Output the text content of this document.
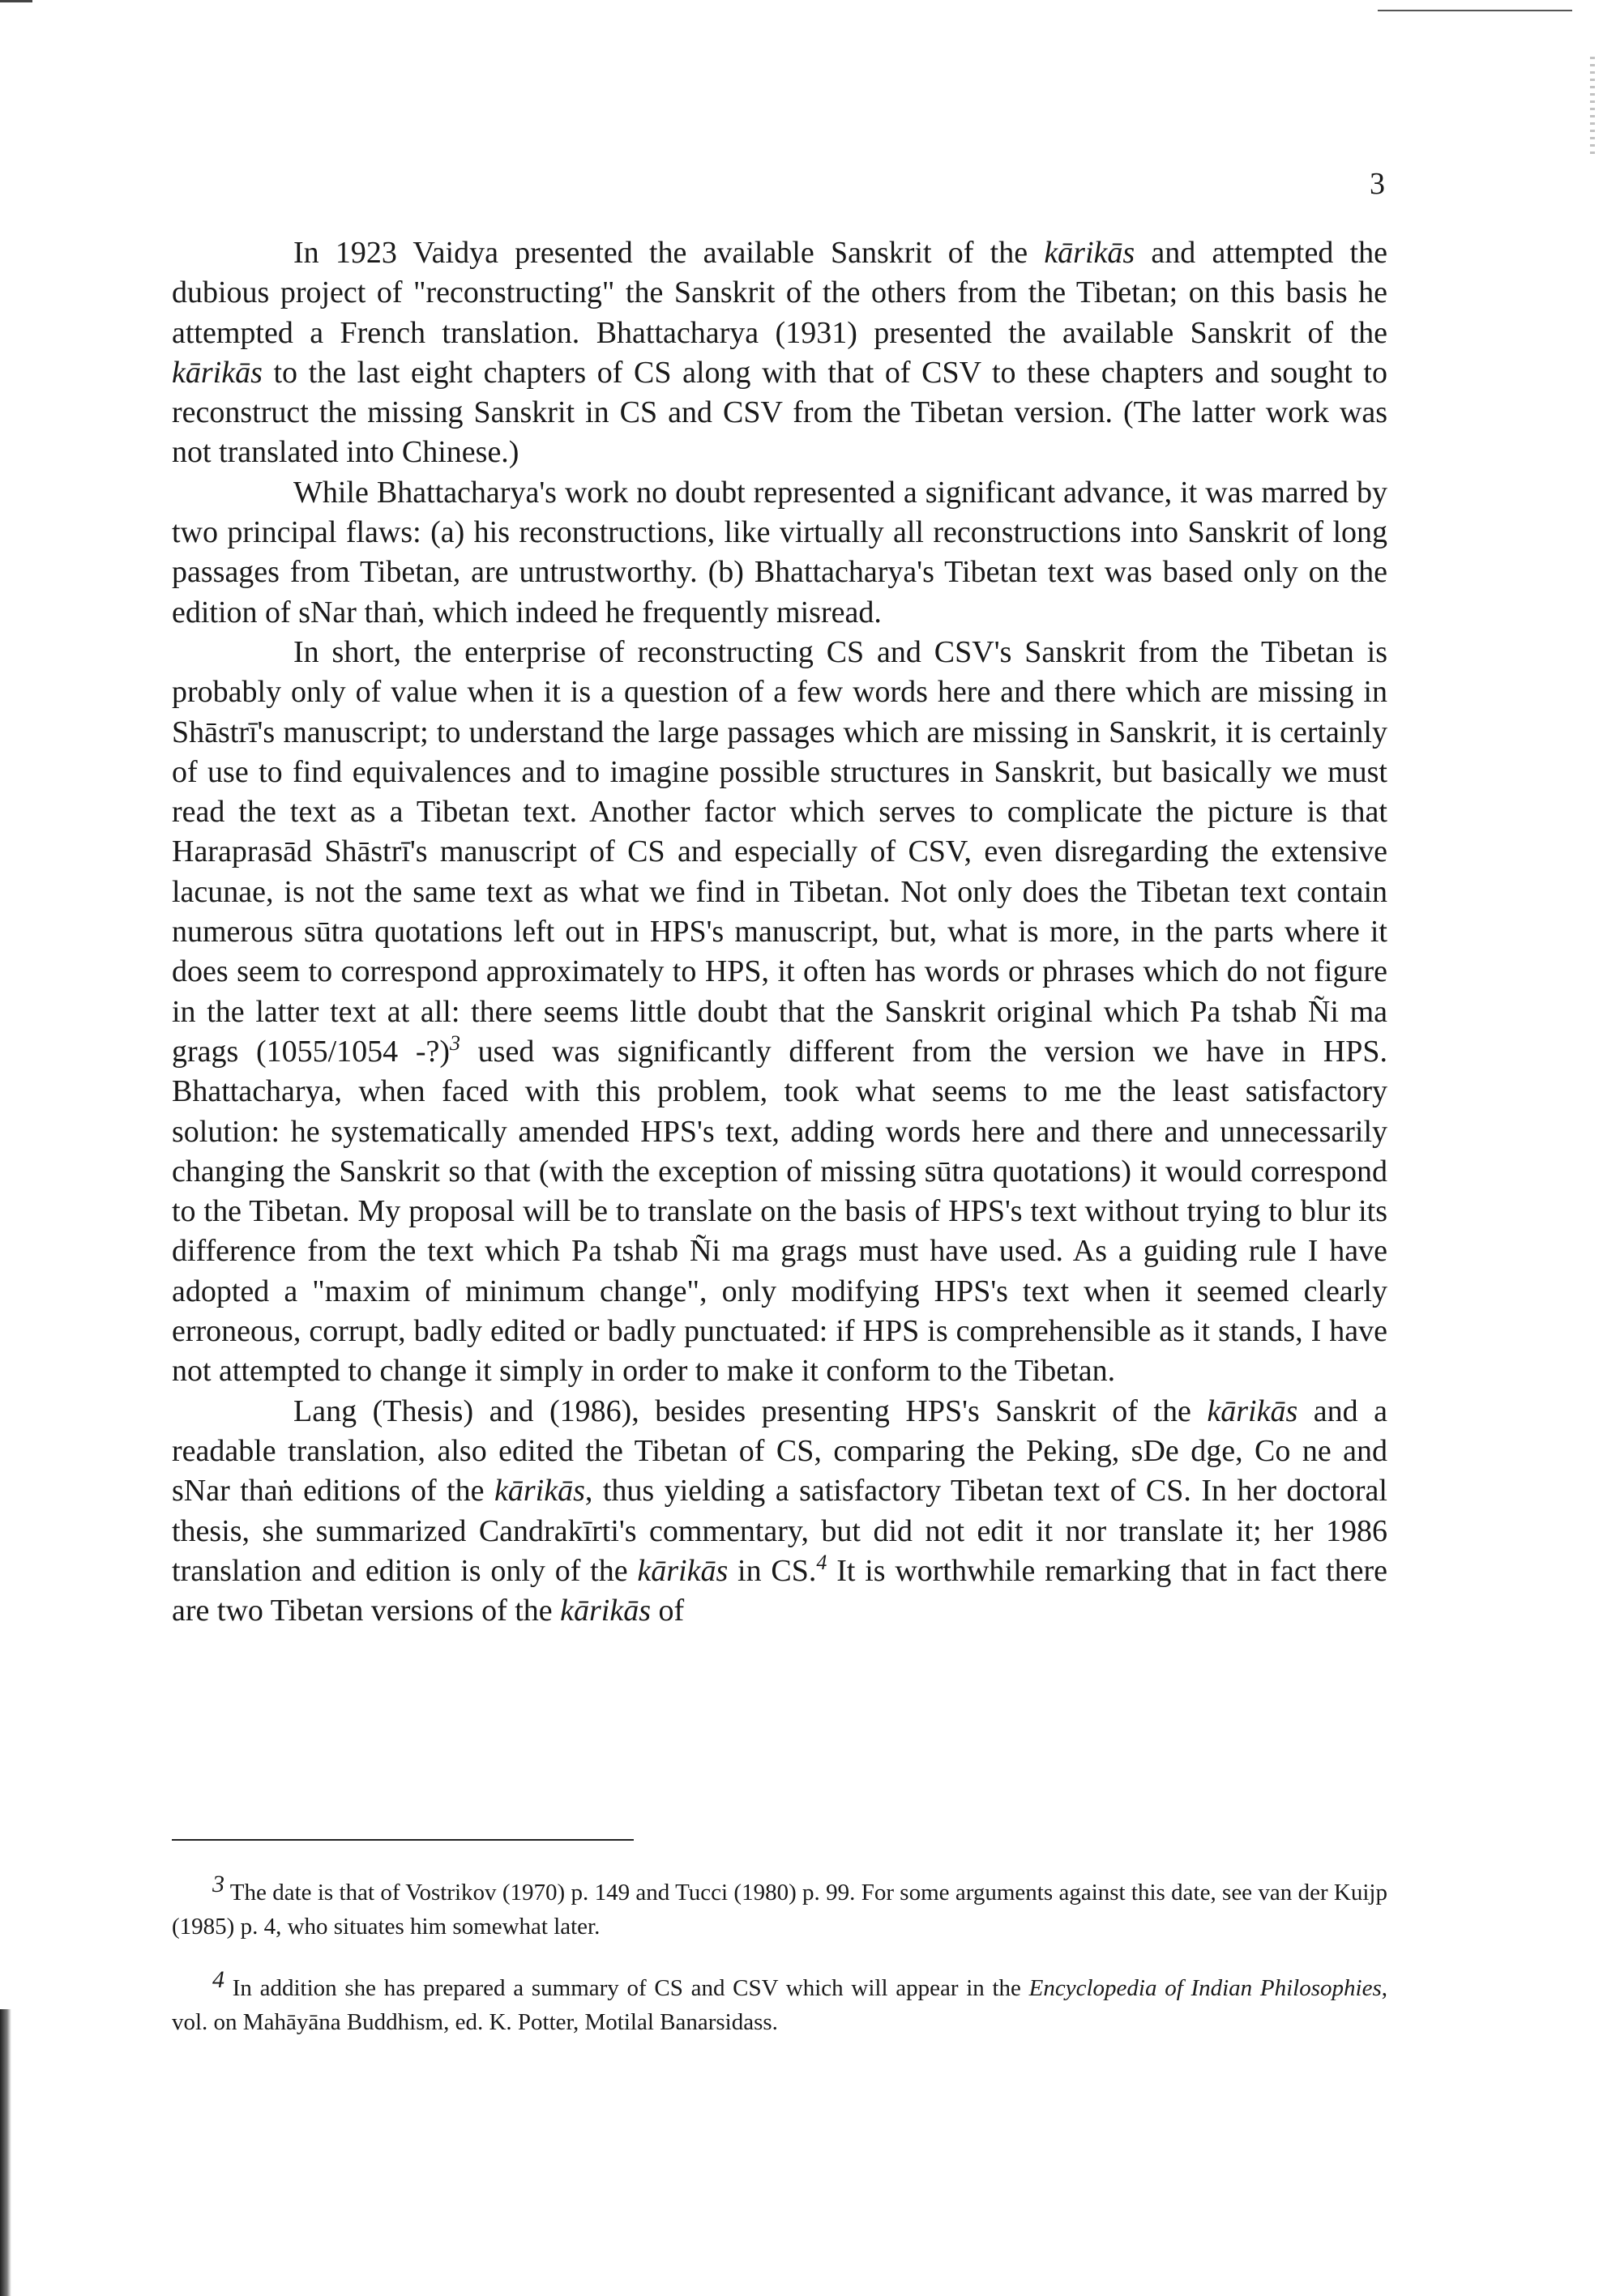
3

In 1923 Vaidya presented the available Sanskrit of the kārikās and attempted the dubious project of "reconstructing" the Sanskrit of the others from the Tibetan; on this basis he attempted a French translation. Bhattacharya (1931) presented the available Sanskrit of the kārikās to the last eight chapters of CS along with that of CSV to these chapters and sought to reconstruct the missing Sanskrit in CS and CSV from the Tibetan version. (The latter work was not translated into Chinese.)

While Bhattacharya's work no doubt represented a significant advance, it was marred by two principal flaws: (a) his reconstructions, like virtually all reconstructions into Sanskrit of long passages from Tibetan, are untrustworthy. (b) Bhattacharya's Tibetan text was based only on the edition of sNar thaṅ, which indeed he frequently misread.

In short, the enterprise of reconstructing CS and CSV's Sanskrit from the Tibetan is probably only of value when it is a question of a few words here and there which are missing in Shāstrī's manuscript; to understand the large passages which are missing in Sanskrit, it is certainly of use to find equivalences and to imagine possible structures in Sanskrit, but basically we must read the text as a Tibetan text. Another factor which serves to complicate the picture is that Haraprasād Shāstrī's manuscript of CS and especially of CSV, even disregarding the extensive lacunae, is not the same text as what we find in Tibetan. Not only does the Tibetan text contain numerous sūtra quotations left out in HPS's manuscript, but, what is more, in the parts where it does seem to correspond approximately to HPS, it often has words or phrases which do not figure in the latter text at all: there seems little doubt that the Sanskrit original which Pa tshab Ñi ma grags (1055/1054 -?)$^3$ used was significantly different from the version we have in HPS. Bhattacharya, when faced with this problem, took what seems to me the least satisfactory solution: he systematically amended HPS's text, adding words here and there and unnecessarily changing the Sanskrit so that (with the exception of missing sūtra quotations) it would correspond to the Tibetan. My proposal will be to translate on the basis of HPS's text without trying to blur its difference from the text which Pa tshab Ñi ma grags must have used. As a guiding rule I have adopted a "maxim of minimum change", only modifying HPS's text when it seemed clearly erroneous, corrupt, badly edited or badly punctuated: if HPS is comprehensible as it stands, I have not attempted to change it simply in order to make it conform to the Tibetan.

Lang (Thesis) and (1986), besides presenting HPS's Sanskrit of the kārikās and a readable translation, also edited the Tibetan of CS, comparing the Peking, sDe dge, Co ne and sNar thaṅ editions of the kārikās, thus yielding a satisfactory Tibetan text of CS. In her doctoral thesis, she summarized Candrakīrti's commentary, but did not edit it nor translate it; her 1986 translation and edition is only of the kārikās in CS.$^4$ It is worthwhile remarking that in fact there are two Tibetan versions of the kārikās of

$^3$ The date is that of Vostrikov (1970) p. 149 and Tucci (1980) p. 99. For some arguments against this date, see van der Kuijp (1985) p. 4, who situates him somewhat later.

$^4$ In addition she has prepared a summary of CS and CSV which will appear in the Encyclopedia of Indian Philosophies, vol. on Mahāyāna Buddhism, ed. K. Potter, Motilal Banarsidass.
